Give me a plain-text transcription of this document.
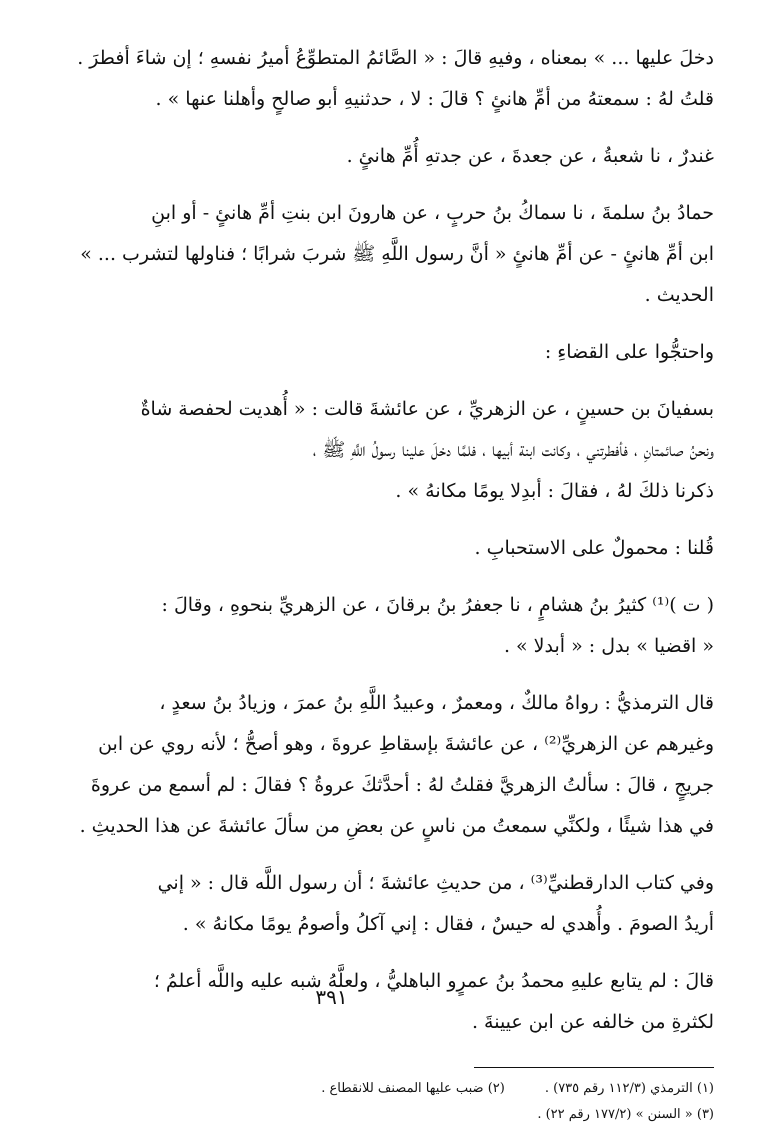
دخلَ عليها ... » بمعناه ، وفيهِ قالَ : « الصَّائمُ المتطوِّعُ أميرُ نفسهِ ؛ إن شاءَ أفطرَ .
قلتُ لهُ : سمعتهُ من أمِّ هانئٍ ؟ قالَ : لا ، حدثنيهِ أبو صالحٍ وأهلنا عنها » .

غندرٌ ، نا شعبةُ ، عن جعدةَ ، عن جدتهِ أُمِّ هانئٍ .

حمادُ بنُ سلمةَ ، نا سماكُ بنُ حربٍ ، عن هارونَ ابن بنتِ أمِّ هانئٍ - أو ابنِ
ابن أمِّ هانئٍ - عن أمِّ هانئٍ « أنَّ رسول اللَّهِ ﷺ شربَ شرابًا ؛ فناولها لتشرب ... »
الحديث .

واحتجُّوا على القضاءِ :

بسفيانَ بن حسينٍ ، عن الزهريِّ ، عن عائشةَ قالت : « أُهديت لحفصة شاةٌ
ونحنُ صائمتانِ ، فأفطرتني ، وكانت ابنة أبيها ، فلمَّا دخلَ علينا رسولُ اللَّهِ ﷺ ،
ذكرنا ذلكَ لهُ ، فقالَ : أبدِلا يومًا مكانهُ » .

قُلنا : محمولٌ على الاستحبابِ .

( ت )⁽¹⁾ كثيرُ بنُ هشامٍ ، نا جعفرُ بنُ برقانَ ، عن الزهريِّ بنحوهِ ، وقالَ :
« اقضيا » بدل : « أبدلا » .

قال الترمذيُّ : رواهُ مالكٌ ، ومعمرٌ ، وعبيدُ اللَّهِ بنُ عمرَ ، وزيادُ بنُ سعدٍ ،
وغيرهم عن الزهريِّ⁽²⁾ ، عن عائشةَ بإسقاطِ عروةَ ، وهو أصحُّ ؛ لأنه روي عن ابن
جريجٍ ، قالَ : سألتُ الزهريَّ فقلتُ لهُ : أحدَّثكَ عروةُ ؟ فقالَ : لم أسمع من عروةَ
في هذا شيئًا ، ولكنِّي سمعتُ من ناسٍ عن بعضِ من سألَ عائشةَ عن هذا الحديثِ .

وفي كتاب الدارقطنيِّ⁽³⁾ ، من حديثِ عائشةَ ؛ أن رسول اللَّه قال : « إني
أريدُ الصومَ . وأُهدي له حيسٌ ، فقال : إني آكلُ وأصومُ يومًا مكانهُ » .

قالَ : لم يتابع عليهِ محمدُ بنُ عمرٍو الباهليُّ ، ولعلَّهُ شبه عليه واللَّه أعلمُ ؛
لكثرةِ من خالفه عن ابن عيينةَ .

(١) الترمذي (١١٢/٣ رقم ٧٣٥) .
(٢) ضبب عليها المصنف للانقطاع .
(٣) « السنن » (١٧٧/٢ رقم ٢٢) .
٣٩١
